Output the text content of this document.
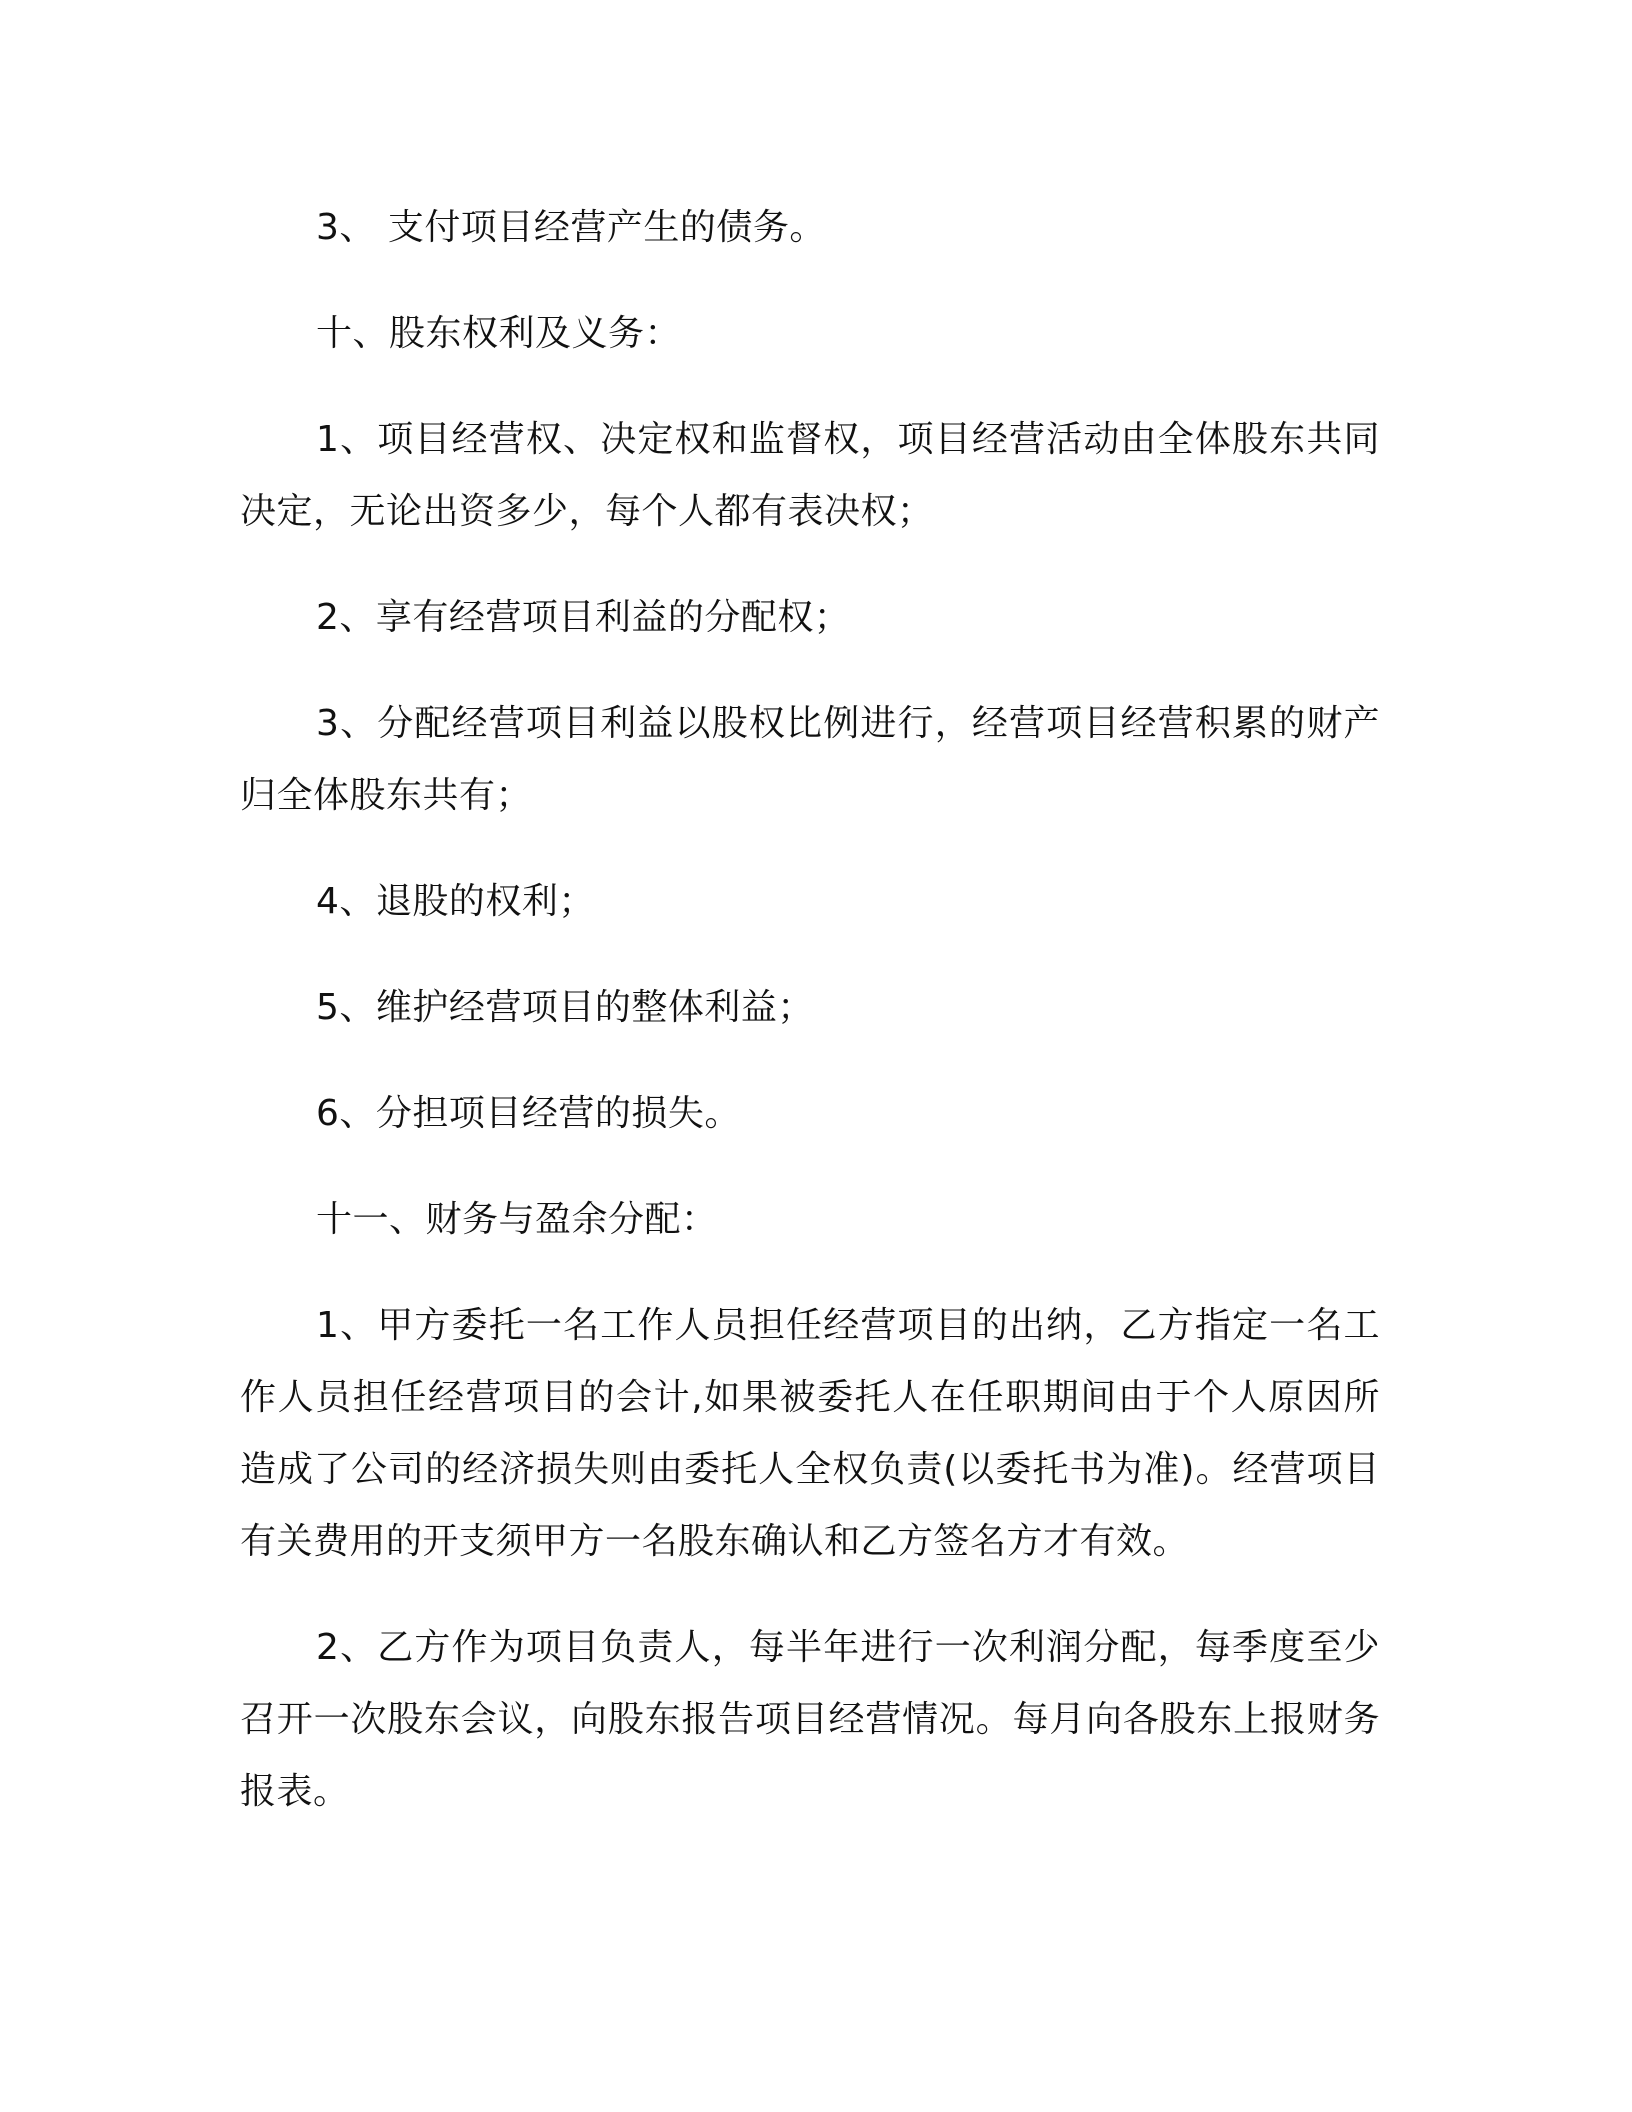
3、 支付项目经营产生的债务。

十、股东权利及义务：

1、项目经营权、决定权和监督权，项目经营活动由全体股东共同决定，无论出资多少，每个人都有表决权；

2、享有经营项目利益的分配权；

3、分配经营项目利益以股权比例进行，经营项目经营积累的财产归全体股东共有；

4、退股的权利；

5、维护经营项目的整体利益；

6、分担项目经营的损失。

十一、财务与盈余分配：

1、甲方委托一名工作人员担任经营项目的出纳，乙方指定一名工作人员担任经营项目的会计,如果被委托人在任职期间由于个人原因所造成了公司的经济损失则由委托人全权负责(以委托书为准)。经营项目有关费用的开支须甲方一名股东确认和乙方签名方才有效。

2、乙方作为项目负责人，每半年进行一次利润分配，每季度至少召开一次股东会议，向股东报告项目经营情况。每月向各股东上报财务报表。
